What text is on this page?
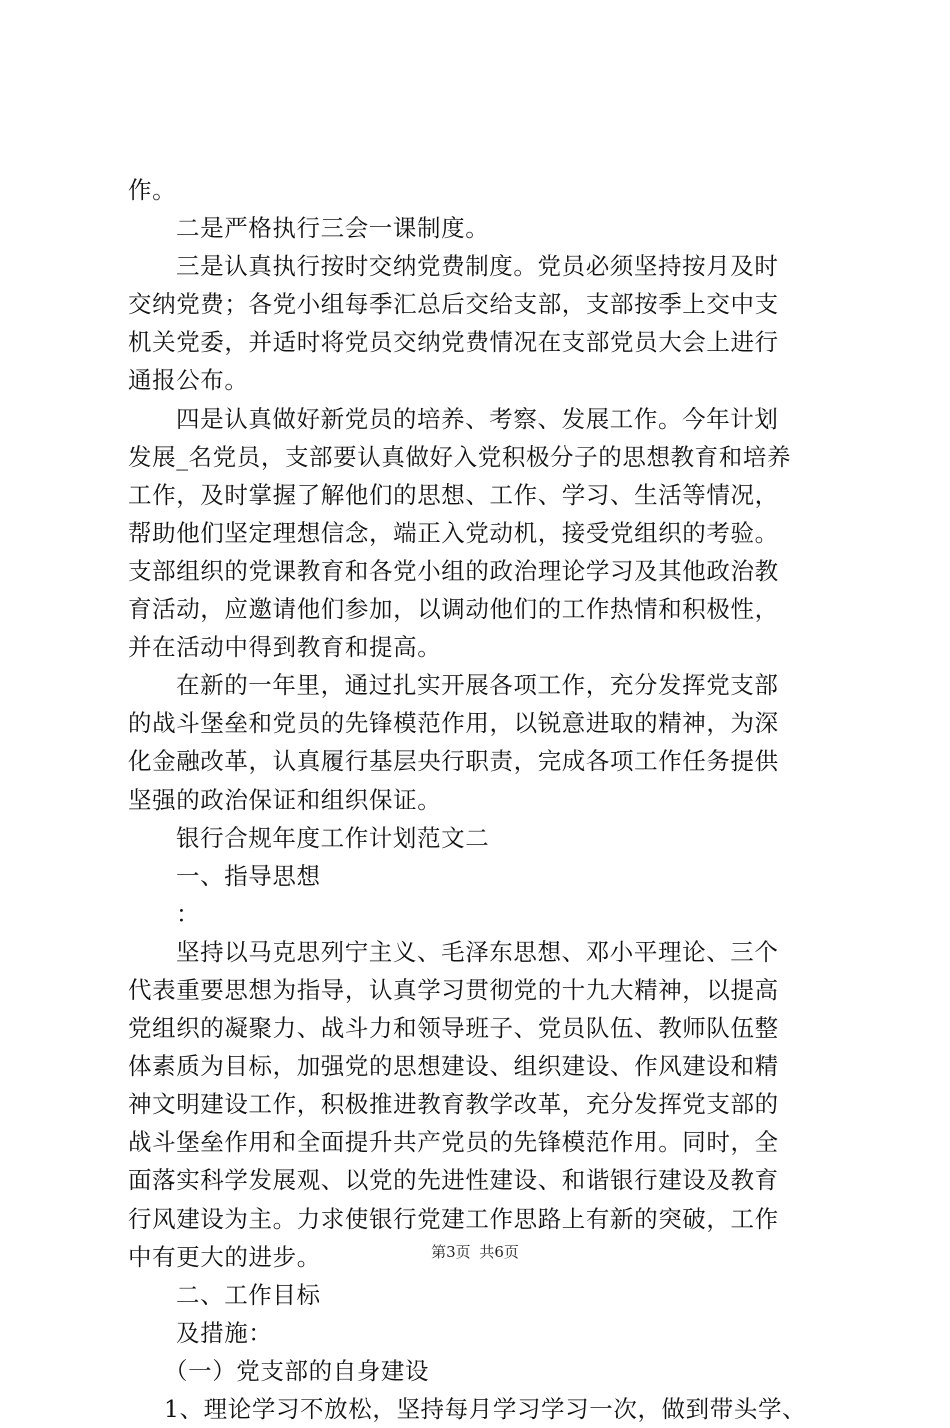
作。
二是严格执行三会一课制度。
三是认真执行按时交纳党费制度。党员必须坚持按月及时
交纳党费；各党小组每季汇总后交给支部，支部按季上交中支
机关党委，并适时将党员交纳党费情况在支部党员大会上进行
通报公布。
四是认真做好新党员的培养、考察、发展工作。今年计划
发展_名党员，支部要认真做好入党积极分子的思想教育和培养
工作，及时掌握了解他们的思想、工作、学习、生活等情况，
帮助他们坚定理想信念，端正入党动机，接受党组织的考验。
支部组织的党课教育和各党小组的政治理论学习及其他政治教
育活动，应邀请他们参加，以调动他们的工作热情和积极性，
并在活动中得到教育和提高。
在新的一年里，通过扎实开展各项工作，充分发挥党支部
的战斗堡垒和党员的先锋模范作用，以锐意进取的精神，为深
化金融改革，认真履行基层央行职责，完成各项工作任务提供
坚强的政治保证和组织保证。
银行合规年度工作计划范文二
一、指导思想
：
坚持以马克思列宁主义、毛泽东思想、邓小平理论、三个
代表重要思想为指导，认真学习贯彻党的十九大精神，以提高
党组织的凝聚力、战斗力和领导班子、党员队伍、教师队伍整
体素质为目标，加强党的思想建设、组织建设、作风建设和精
神文明建设工作，积极推进教育教学改革，充分发挥党支部的
战斗堡垒作用和全面提升共产党员的先锋模范作用。同时，全
面落实科学发展观、以党的先进性建设、和谐银行建设及教育
行风建设为主。力求使银行党建工作思路上有新的突破，工作
中有更大的进步。
二、工作目标
及措施：
（一）党支部的自身建设
1、理论学习不放松，坚持每月学习学习一次，做到带头学、
第3页 共6页
